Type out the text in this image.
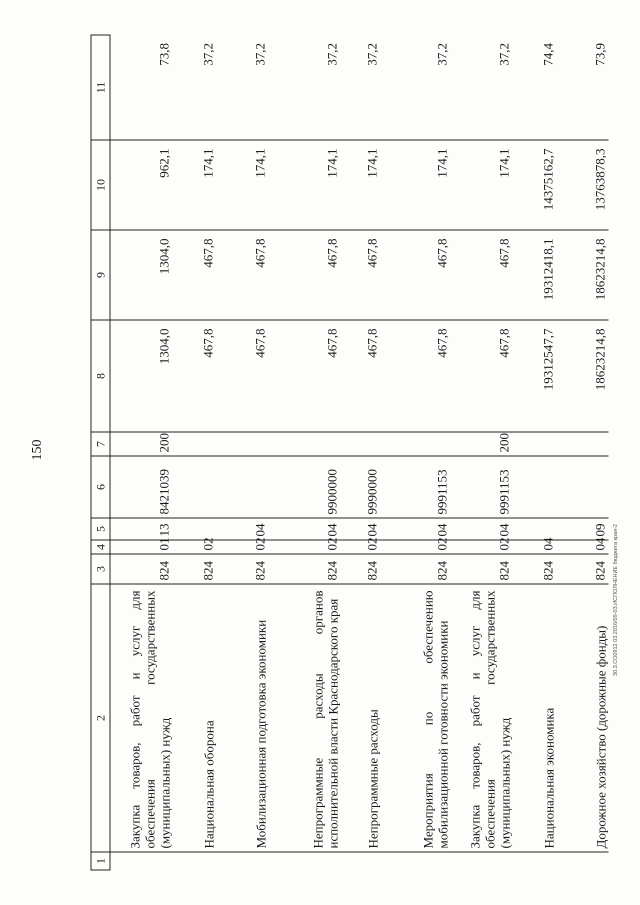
150
30.3.СО0912 03.2016/09-03.ИСПОЛНЕНИЕ бюджета края-2
1	2	3	4	5	6	7	8	9	10	11
	Закупка товаров, работ и услуг для обеспечения государственных (муниципальных) нужд	824	01	13	8421039	200	1304,0	1304,0	962,1	73,8
	Национальная оборона	824	02				467,8	467,8	174,1	37,2
	Мобилизационная подготовка экономики	824	02	04			467,8	467,8	174,1	37,2
	Непрограммные расходы органов исполнительной власти Краснодарского края	824	02	04	9900000		467,8	467,8	174,1	37,2
	Непрограммные расходы	824	02	04	9990000		467,8	467,8	174,1	37,2
	Мероприятия по обеспечению мобилизационной готовности экономики	824	02	04	9991153		467,8	467,8	174,1	37,2
	Закупка товаров, работ и услуг для обеспечения государственных (муниципальных) нужд	824	02	04	9991153	200	467,8	467,8	174,1	37,2
	Национальная экономика	824	04				19312547,7	19312418,1	14375162,7	74,4
	Дорожное хозяйство (дорожные фонды)	824	04	09			18623214,8	18623214,8	13763878,3	73,9
